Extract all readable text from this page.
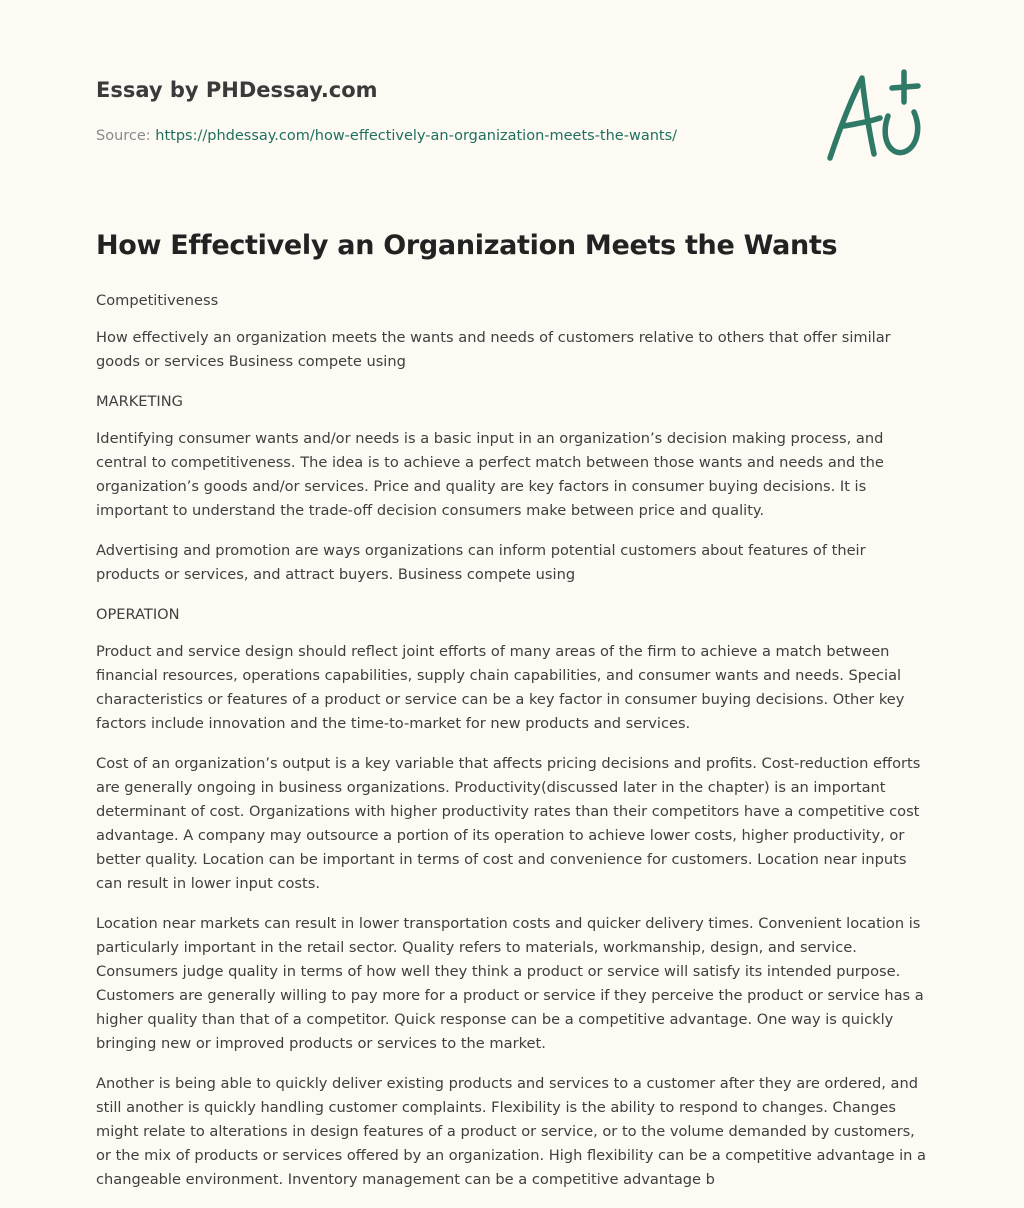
Essay by PHDessay.com

Source: https://phdessay.com/how-effectively-an-organization-meets-the-wants/
How Effectively an Organization Meets the Wants

Competitiveness

How effectively an organization meets the wants and needs of customers relative to others that offer similar goods or services Business compete using

MARKETING

Identifying consumer wants and/or needs is a basic input in an organization’s decision making process, and central to competitiveness. The idea is to achieve a perfect match between those wants and needs and the organization’s goods and/or services. Price and quality are key factors in consumer buying decisions. It is important to understand the trade-off decision consumers make between price and quality.

Advertising and promotion are ways organizations can inform potential customers about features of their products or services, and attract buyers. Business compete using

OPERATION

Product and service design should reflect joint efforts of many areas of the firm to achieve a match between financial resources, operations capabilities, supply chain capabilities, and consumer wants and needs. Special characteristics or features of a product or service can be a key factor in consumer buying decisions. Other key factors include innovation and the time-to-market for new products and services.

Cost of an organization’s output is a key variable that affects pricing decisions and profits. Cost-reduction efforts are generally ongoing in business organizations. Productivity(discussed later in the chapter) is an important determinant of cost. Organizations with higher productivity rates than their competitors have a competitive cost advantage. A company may outsource a portion of its operation to achieve lower costs, higher productivity, or better quality. Location can be important in terms of cost and convenience for customers. Location near inputs can result in lower input costs.

Location near markets can result in lower transportation costs and quicker delivery times. Convenient location is particularly important in the retail sector. Quality refers to materials, workmanship, design, and service. Consumers judge quality in terms of how well they think a product or service will satisfy its intended purpose. Customers are generally willing to pay more for a product or service if they perceive the product or service has a higher quality than that of a competitor. Quick response can be a competitive advantage. One way is quickly bringing new or improved products or services to the market.

Another is being able to quickly deliver existing products and services to a customer after they are ordered, and still another is quickly handling customer complaints. Flexibility is the ability to respond to changes. Changes might relate to alterations in design features of a product or service, or to the volume demanded by customers, or the mix of products or services offered by an organization. High flexibility can be a competitive advantage in a changeable environment. Inventory management can be a competitive advantage b
